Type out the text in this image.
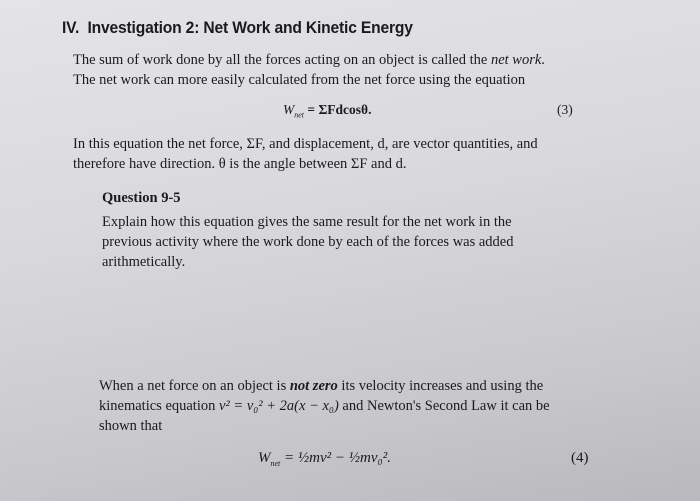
IV. Investigation 2: Net Work and Kinetic Energy
The sum of work done by all the forces acting on an object is called the net work.
The net work can more easily calculated from the net force using the equation
$W_{net} = \Sigma Fdcos\theta$.	(3)
In this equation the net force, ΣF, and displacement, d, are vector quantities, and
therefore have direction. θ is the angle between ΣF and d.
Question 9-5
Explain how this equation gives the same result for the net work in the
previous activity where the work done by each of the forces was added
arithmetically.
When a net force on an object is not zero its velocity increases and using the
kinematics equation v² = v₀² + 2a(x − x₀) and Newton's Second Law it can be
shown that
$W_{net}$ = ½mv² − ½mv₀².	(4)
